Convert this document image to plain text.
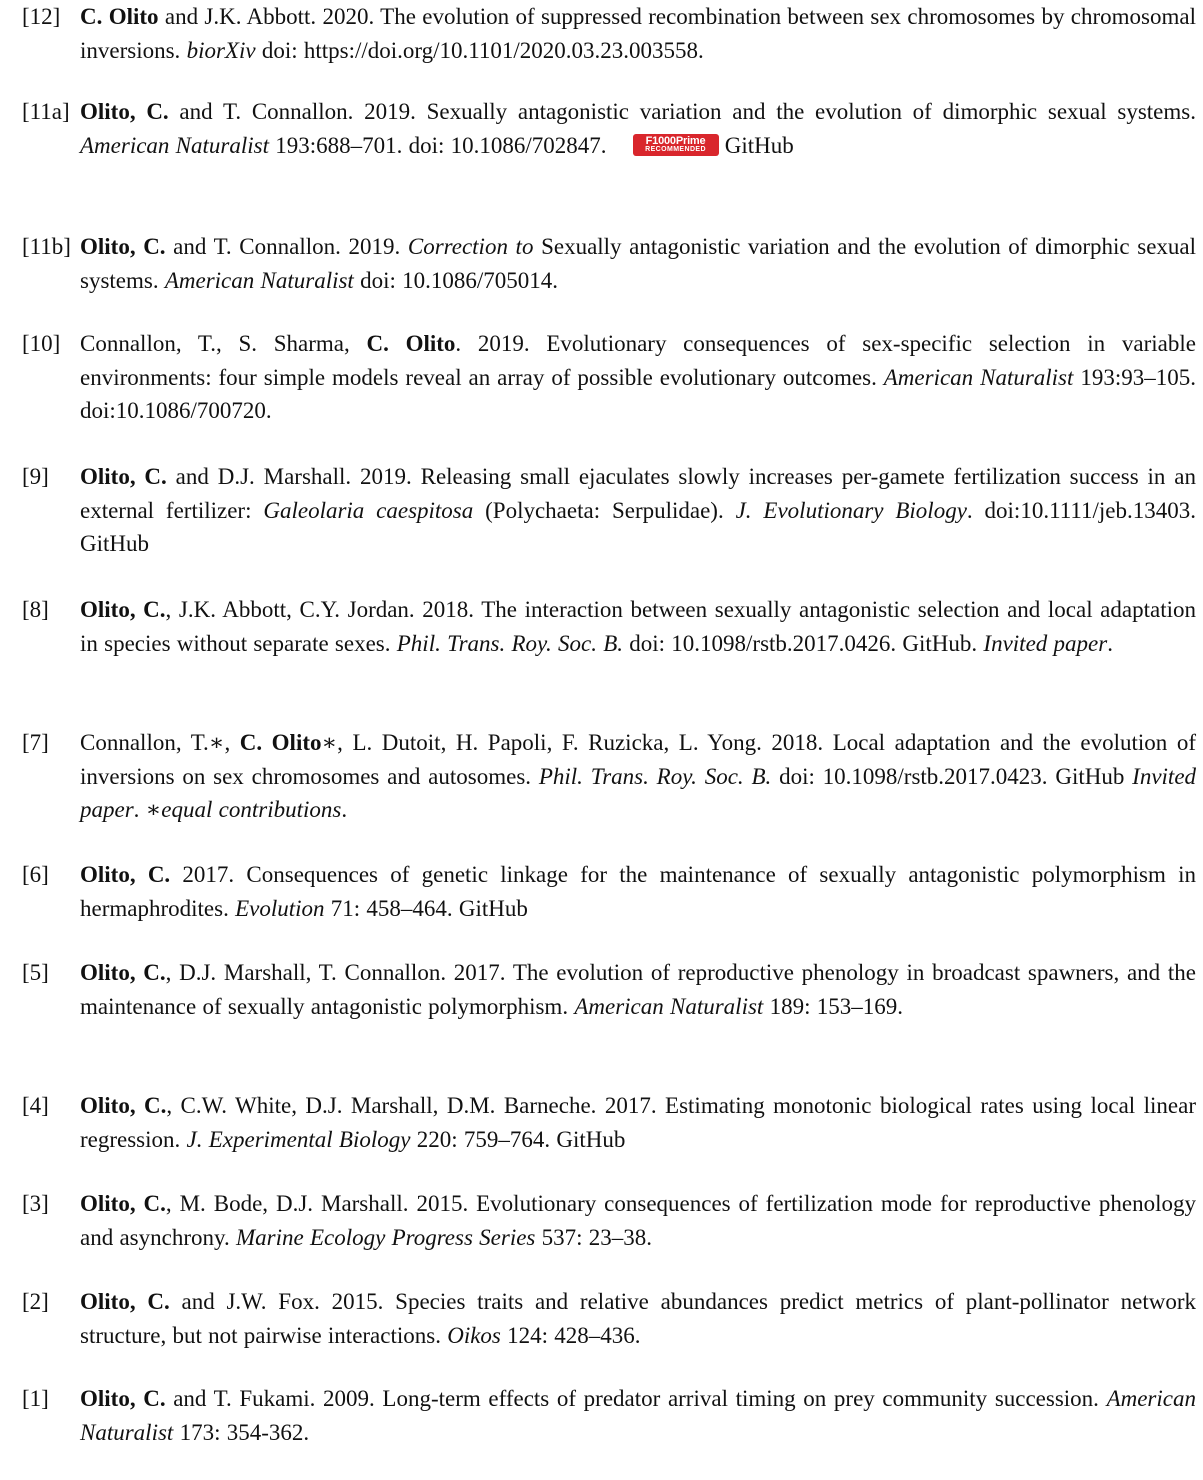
[12] C. Olito and J.K. Abbott. 2020. The evolution of suppressed recombination between sex chromosomes by chromosomal inversions. biorXiv doi: https://doi.org/10.1101/2020.03.23.003558.
[11a] Olito, C. and T. Connallon. 2019. Sexually antagonistic variation and the evolution of dimorphic sexual systems. American Naturalist 193:688–701. doi: 10.1086/702847.	F1000Prime
RECOMMENDED GitHub
[11b] Olito, C. and T. Connallon. 2019. Correction to Sexually antagonistic variation and the evolution of dimorphic sexual systems. American Naturalist doi: 10.1086/705014.
[10] Connallon, T., S. Sharma, C. Olito. 2019. Evolutionary consequences of sex-specific selection in variable environments: four simple models reveal an array of possible evolutionary outcomes. American Naturalist 193:93–105. doi:10.1086/700720.
[9] Olito, C. and D.J. Marshall. 2019. Releasing small ejaculates slowly increases per-gamete fertilization success in an external fertilizer: Galeolaria caespitosa (Polychaeta: Serpulidae). J. Evolutionary Biology. doi:10.1111/jeb.13403. GitHub
[8] Olito, C., J.K. Abbott, C.Y. Jordan. 2018. The interaction between sexually antagonistic selection and local adaptation in species without separate sexes. Phil. Trans. Roy. Soc. B. doi: 10.1098/rstb.2017.0426. GitHub. Invited paper.
[7] Connallon, T.∗, C. Olito∗, L. Dutoit, H. Papoli, F. Ruzicka, L. Yong. 2018. Local adaptation and the evolution of inversions on sex chromosomes and autosomes. Phil. Trans. Roy. Soc. B. doi: 10.1098/rstb.2017.0423. GitHub Invited paper. ∗equal contributions.
[6] Olito, C. 2017. Consequences of genetic linkage for the maintenance of sexually antagonistic polymorphism in hermaphrodites. Evolution 71: 458–464. GitHub
[5] Olito, C., D.J. Marshall, T. Connallon. 2017. The evolution of reproductive phenology in broadcast spawners, and the maintenance of sexually antagonistic polymorphism. American Naturalist 189: 153–169.
[4] Olito, C., C.W. White, D.J. Marshall, D.M. Barneche. 2017. Estimating monotonic biological rates using local linear regression. J. Experimental Biology 220: 759–764. GitHub
[3] Olito, C., M. Bode, D.J. Marshall. 2015. Evolutionary consequences of fertilization mode for reproductive phenology and asynchrony. Marine Ecology Progress Series 537: 23–38.
[2] Olito, C. and J.W. Fox. 2015. Species traits and relative abundances predict metrics of plant-pollinator network structure, but not pairwise interactions. Oikos 124: 428–436.
[1] Olito, C. and T. Fukami. 2009. Long-term effects of predator arrival timing on prey community succession. American Naturalist 173: 354-362.
